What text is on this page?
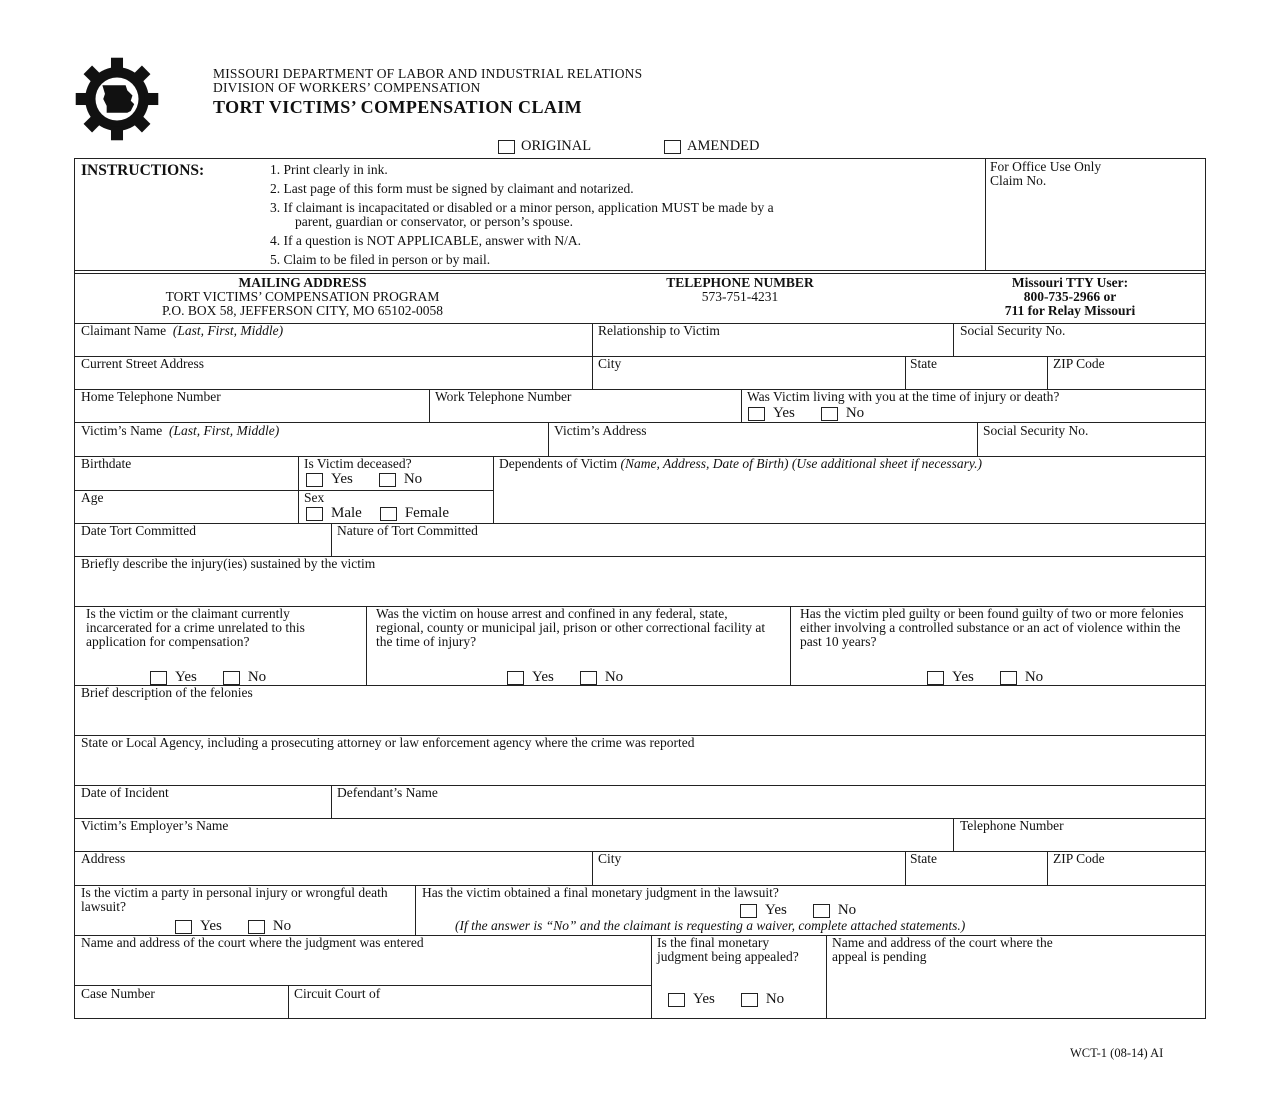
MISSOURI DEPARTMENT OF LABOR AND INDUSTRIAL RELATIONS
DIVISION OF WORKERS’ COMPENSATION
TORT VICTIMS’ COMPENSATION CLAIM
ORIGINAL	AMENDED
INSTRUCTIONS:	1. Print clearly in ink.
2. Last page of this form must be signed by claimant and notarized.
3. If claimant is incapacitated or disabled or a minor person, application MUST be made by a
parent, guardian or conservator, or person’s spouse.
4. If a question is NOT APPLICABLE, answer with N/A.
5. Claim to be filed in person or by mail.
For Office Use Only
Claim No.
MAILING ADDRESS
TORT VICTIMS’ COMPENSATION PROGRAM
P.O. BOX 58, JEFFERSON CITY, MO 65102-0058
TELEPHONE NUMBER
573-751-4231
Missouri TTY User:
800-735-2966 or
711 for Relay Missouri
Claimant Name (Last, First, Middle)	Relationship to Victim	Social Security No.
Current Street Address	City	State	ZIP Code
Home Telephone Number	Work Telephone Number	Was Victim living with you at the time of injury or death?
Yes	No
Victim’s Name (Last, First, Middle)	Victim’s Address	Social Security No.
Birthdate	Is Victim deceased?
Yes	No
Dependents of Victim (Name, Address, Date of Birth) (Use additional sheet if necessary.)
Age	Sex
Male	Female
Date Tort Committed	Nature of Tort Committed
Briefly describe the injury(ies) sustained by the victim
Is the victim or the claimant currently incarcerated for a crime unrelated to this application for compensation?
Yes	No
Was the victim on house arrest and confined in any federal, state, regional, county or municipal jail, prison or other correctional facility at the time of injury?
Yes	No
Has the victim pled guilty or been found guilty of two or more felonies either involving a controlled substance or an act of violence within the past 10 years?
Yes	No
Brief description of the felonies
State or Local Agency, including a prosecuting attorney or law enforcement agency where the crime was reported
Date of Incident	Defendant’s Name
Victim’s Employer’s Name	Telephone Number
Address	City	State	ZIP Code
Is the victim a party in personal injury or wrongful death lawsuit?
Yes	No
Has the victim obtained a final monetary judgment in the lawsuit?
Yes	No
(If the answer is “No” and the claimant is requesting a waiver, complete attached statements.)
Name and address of the court where the judgment was entered	Is the final monetary judgment being appealed?
Yes	No
Name and address of the court where the appeal is pending
Case Number	Circuit Court of
WCT-1 (08-14) AI
